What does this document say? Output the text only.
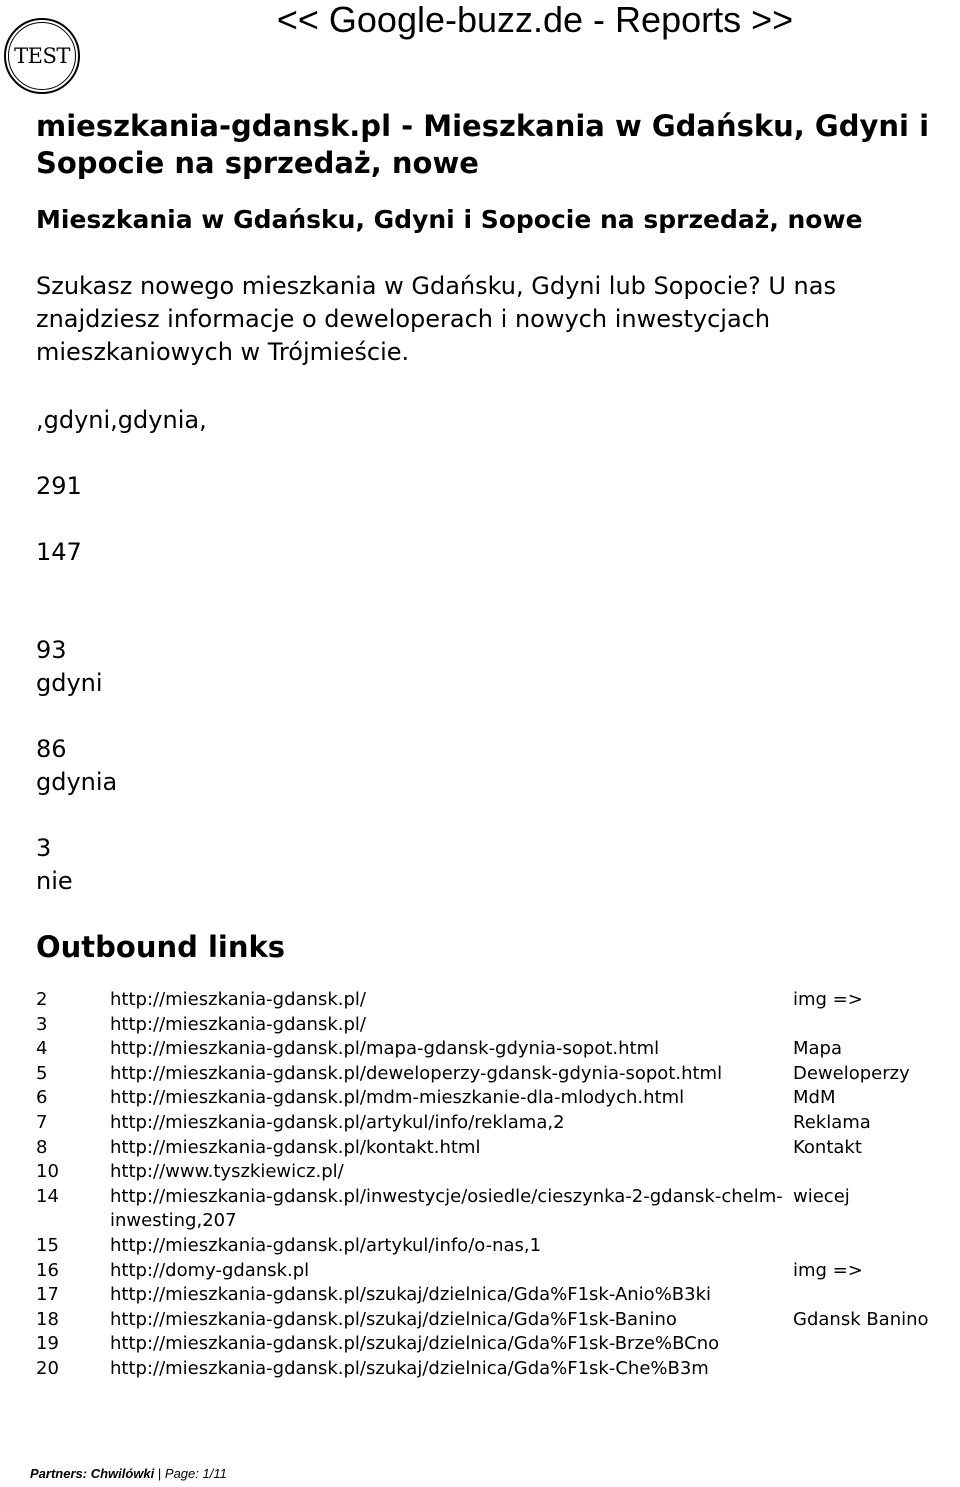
TEST
<< Google-buzz.de - Reports >>
mieszkania-gdansk.pl - Mieszkania w Gdańsku, Gdyni i Sopocie na sprzedaż, nowe
Mieszkania w Gdańsku, Gdyni i Sopocie na sprzedaż, nowe

Szukasz nowego mieszkania w Gdańsku, Gdyni lub Sopocie? U nas znajdziesz informacje o deweloperach i nowych inwestycjach mieszkaniowych w Trójmieście.

,gdyni,gdynia,

291

147

93
gdyni
86
gdynia
3
nie
Outbound links
2	http://mieszkania-gdansk.pl/	img =>
3	http://mieszkania-gdansk.pl/	
4	http://mieszkania-gdansk.pl/mapa-gdansk-gdynia-sopot.html	Mapa
5	http://mieszkania-gdansk.pl/deweloperzy-gdansk-gdynia-sopot.html	Deweloperzy
6	http://mieszkania-gdansk.pl/mdm-mieszkanie-dla-mlodych.html	MdM
7	http://mieszkania-gdansk.pl/artykul/info/reklama,2	Reklama
8	http://mieszkania-gdansk.pl/kontakt.html	Kontakt
10	http://www.tyszkiewicz.pl/	
14	http://mieszkania-gdansk.pl/inwestycje/osiedle/cieszynka-2-gdansk-chelm-inwesting,207	wiecej
15	http://mieszkania-gdansk.pl/artykul/info/o-nas,1	
16	http://domy-gdansk.pl	img =>
17	http://mieszkania-gdansk.pl/szukaj/dzielnica/Gda%F1sk-Anio%B3ki	
18	http://mieszkania-gdansk.pl/szukaj/dzielnica/Gda%F1sk-Banino	Gdansk Banino
19	http://mieszkania-gdansk.pl/szukaj/dzielnica/Gda%F1sk-Brze%BCno	
20	http://mieszkania-gdansk.pl/szukaj/dzielnica/Gda%F1sk-Che%B3m	
Partners: Chwilówki | Page: 1/11
